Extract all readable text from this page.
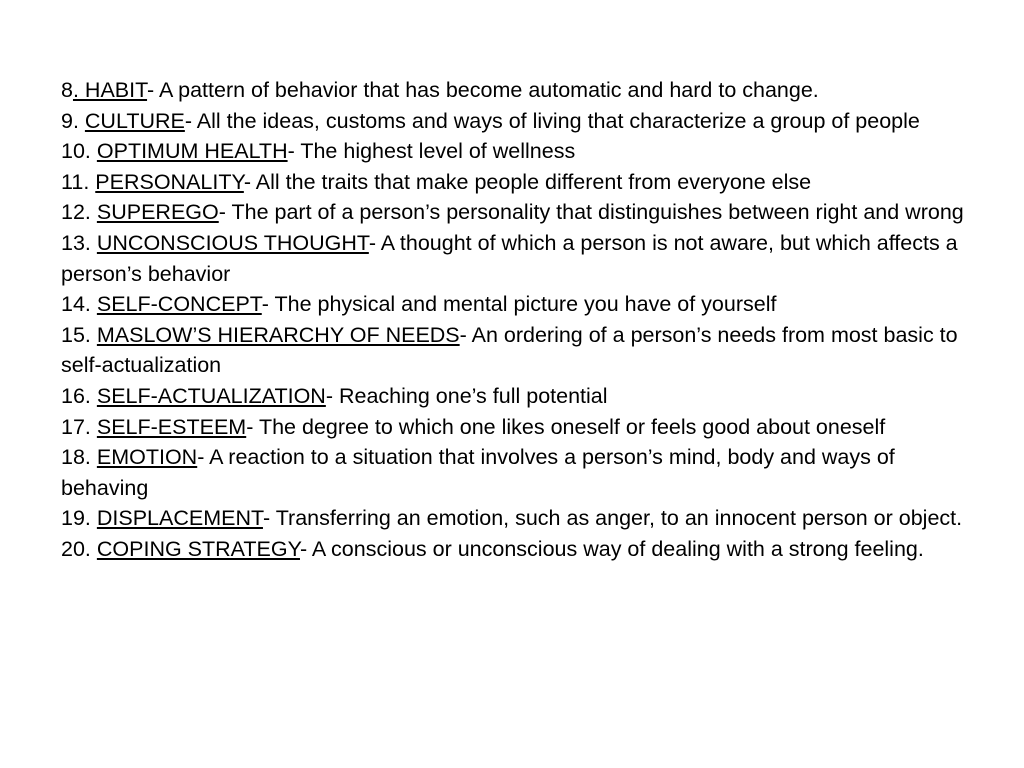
8. HABIT- A pattern of behavior that has become automatic and hard to change.

9. CULTURE- All the ideas, customs and ways of living that characterize a group of people

10. OPTIMUM HEALTH- The highest level of wellness

11. PERSONALITY- All the traits that make people different from everyone else

12. SUPEREGO- The part of a person’s personality that distinguishes between right and wrong

13. UNCONSCIOUS THOUGHT- A thought of which a person is not aware, but which affects a person’s behavior

14. SELF-CONCEPT- The physical and mental picture you have of yourself

15. MASLOW’S HIERARCHY OF NEEDS- An ordering of a person’s needs from most basic to self-actualization

16. SELF-ACTUALIZATION- Reaching one’s full potential

17. SELF-ESTEEM- The degree to which one likes oneself or feels good about oneself

18. EMOTION- A reaction to a situation that involves a person’s mind, body and ways of behaving

19. DISPLACEMENT- Transferring an emotion, such as anger, to an innocent person or object.

20. COPING STRATEGY- A conscious or unconscious way of dealing with a strong feeling.
